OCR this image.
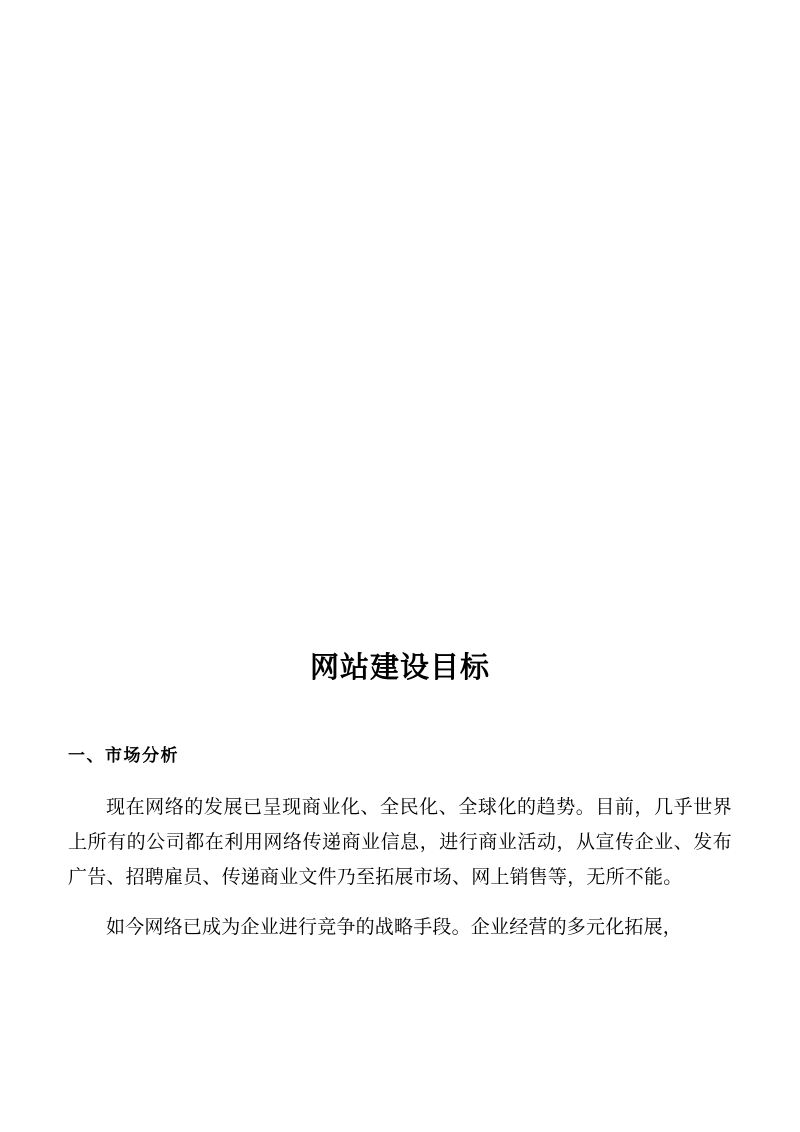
网站建设目标
一、市场分析

现在网络的发展已呈现商业化、全民化、全球化的趋势。目前，几乎世界上所有的公司都在利用网络传递商业信息，进行商业活动，从宣传企业、发布广告、招聘雇员、传递商业文件乃至拓展市场、网上销售等，无所不能。

如今网络已成为企业进行竞争的战略手段。企业经营的多元化拓展，
